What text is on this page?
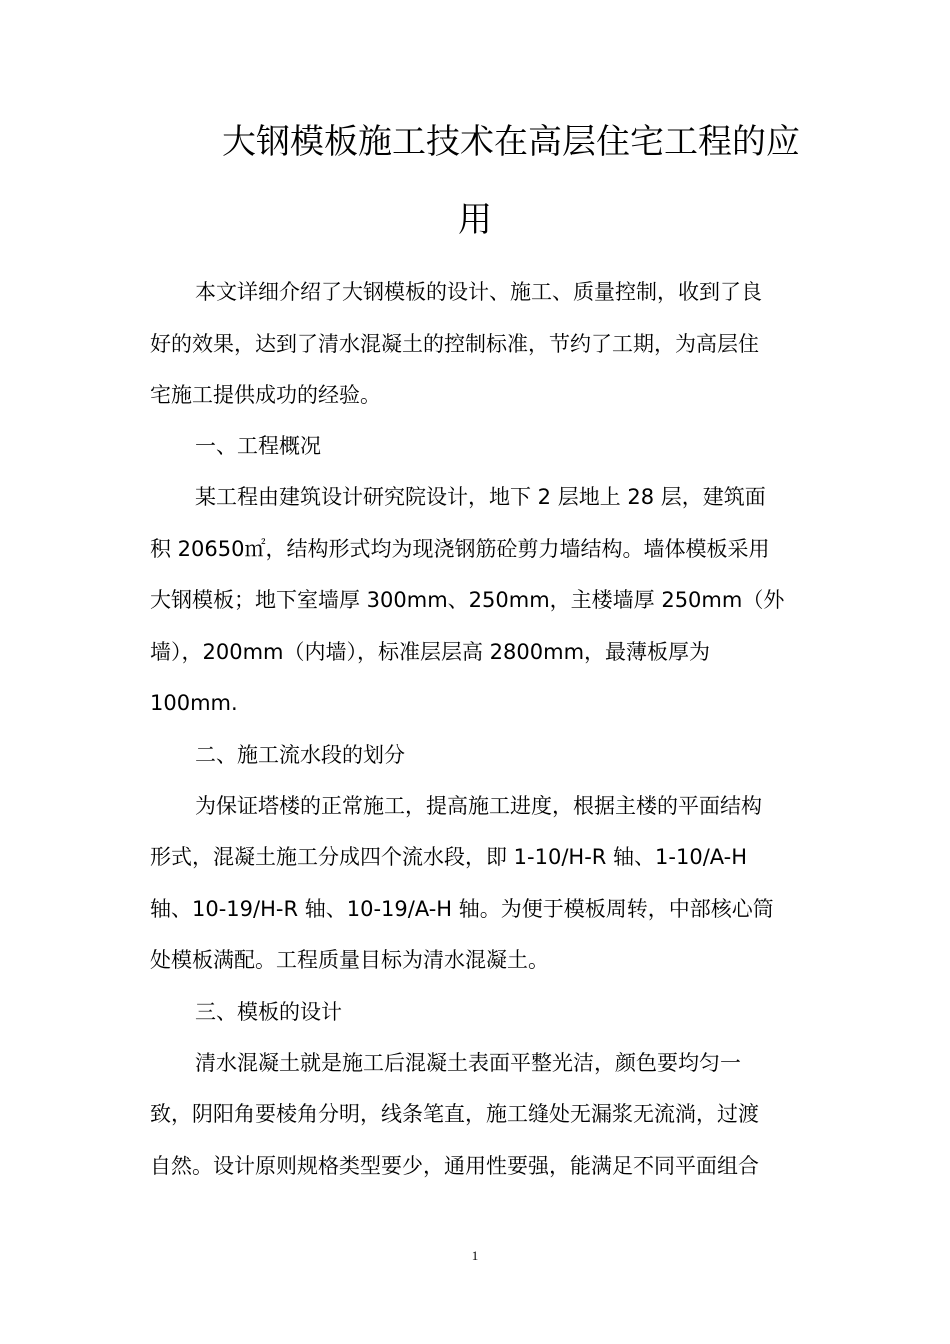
大钢模板施工技术在高层住宅工程的应
用
本文详细介绍了大钢模板的设计、施工、质量控制，收到了良
好的效果，达到了清水混凝土的控制标准，节约了工期，为高层住
宅施工提供成功的经验。
一、工程概况
某工程由建筑设计研究院设计，地下 2 层地上 28 层，建筑面
积 20650㎡，结构形式均为现浇钢筋砼剪力墙结构。墙体模板采用
大钢模板；地下室墙厚 300mm、250mm，主楼墙厚 250mm（外
墙），200mm（内墙），标准层层高 2800mm，最薄板厚为
100mm.
二、施工流水段的划分
为保证塔楼的正常施工，提高施工进度，根据主楼的平面结构
形式，混凝土施工分成四个流水段，即 1-10/H-R 轴、1-10/A-H
轴、10-19/H-R 轴、10-19/A-H 轴。为便于模板周转，中部核心筒
处模板满配。工程质量目标为清水混凝土。
三、模板的设计
清水混凝土就是施工后混凝土表面平整光洁，颜色要均匀一
致，阴阳角要棱角分明，线条笔直，施工缝处无漏浆无流淌，过渡
自然。设计原则规格类型要少，通用性要强，能满足不同平面组合
1
